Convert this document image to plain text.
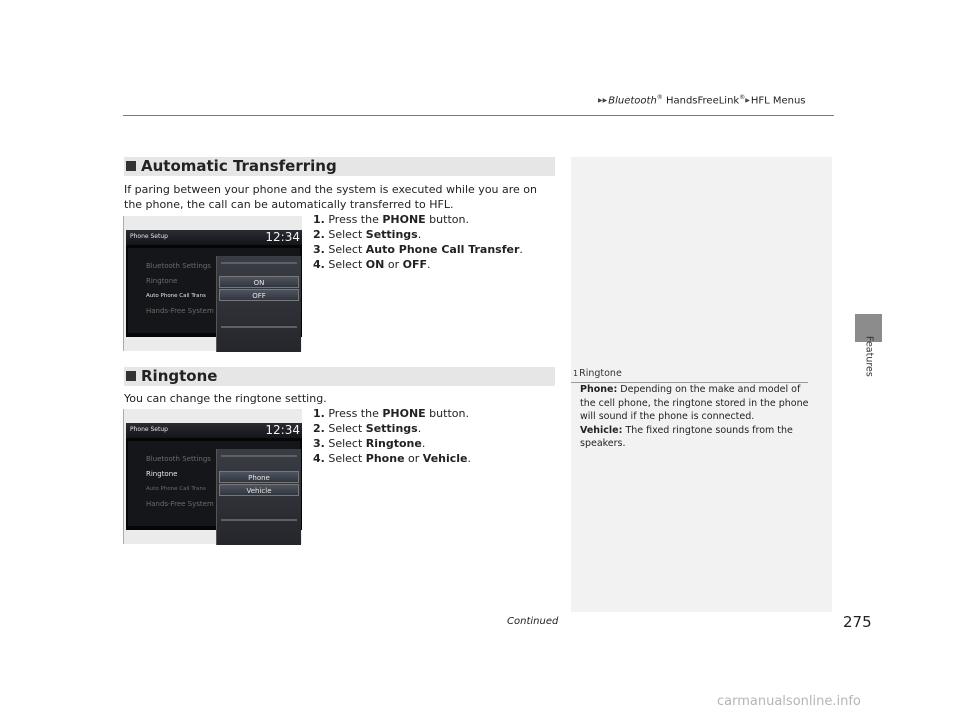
▶▶Bluetooth® HandsFreeLink®▶HFL Menus
Features
$^1$Ringtone

Phone: Depending on the make and model of the cell phone, the ringtone stored in the phone will sound if the phone is connected.

Vehicle: The fixed ringtone sounds from the speakers.

Automatic Transferring

If paring between your phone and the system is executed while you are on the phone, the call can be automatically transferred to HFL.

Phone Setup	12:34
Bluetooth Settings
Ringtone
Auto Phone Call Trans
Hands-Free System
ON
OFF
1. Press the PHONE button.
2. Select Settings.
3. Select Auto Phone Call Transfer.
4. Select ON or OFF.
Ringtone

You can change the ringtone setting.

Phone Setup	12:34
Bluetooth Settings
Ringtone
Auto Phone Call Trans
Hands-Free System
Phone
Vehicle
1. Press the PHONE button.
2. Select Settings.
3. Select Ringtone.
4. Select Phone or Vehicle.
Continued	275
carmanualsonline.info
